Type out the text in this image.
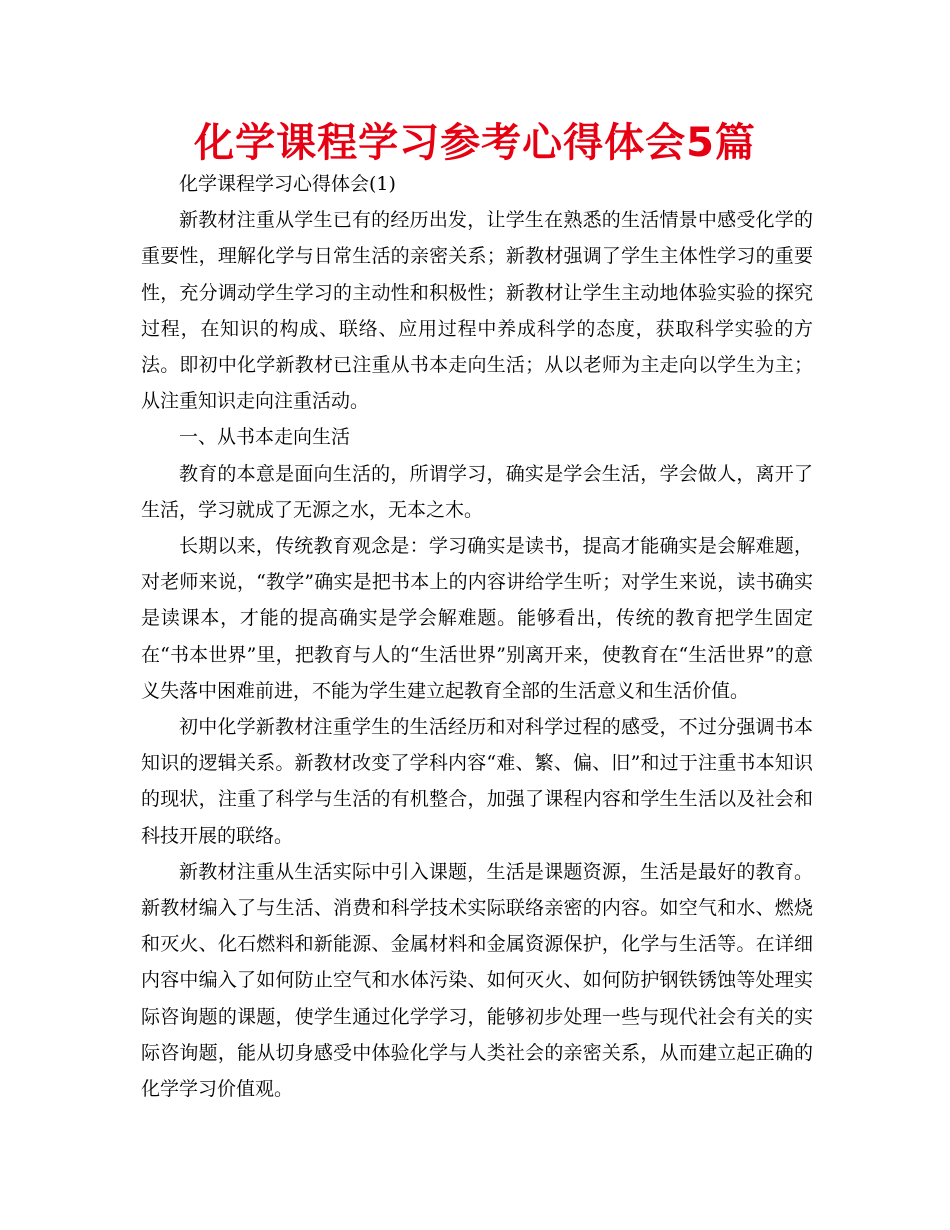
化学课程学习参考心得体会5篇

化学课程学习心得体会(1)

新教材注重从学生已有的经历出发，让学生在熟悉的生活情景中感受化学的重要性，理解化学与日常生活的亲密关系；新教材强调了学生主体性学习的重要性，充分调动学生学习的主动性和积极性；新教材让学生主动地体验实验的探究过程，在知识的构成、联络、应用过程中养成科学的态度，获取科学实验的方法。即初中化学新教材已注重从书本走向生活；从以老师为主走向以学生为主；从注重知识走向注重活动。

一、从书本走向生活

教育的本意是面向生活的，所谓学习，确实是学会生活，学会做人，离开了生活，学习就成了无源之水，无本之木。

长期以来，传统教育观念是：学习确实是读书，提高才能确实是会解难题，对老师来说，“教学”确实是把书本上的内容讲给学生听；对学生来说，读书确实是读课本，才能的提高确实是学会解难题。能够看出，传统的教育把学生固定在“书本世界”里，把教育与人的“生活世界”别离开来，使教育在“生活世界”的意义失落中困难前进，不能为学生建立起教育全部的生活意义和生活价值。

初中化学新教材注重学生的生活经历和对科学过程的感受，不过分强调书本知识的逻辑关系。新教材改变了学科内容“难、繁、偏、旧”和过于注重书本知识的现状，注重了科学与生活的有机整合，加强了课程内容和学生生活以及社会和科技开展的联络。

新教材注重从生活实际中引入课题，生活是课题资源，生活是最好的教育。新教材编入了与生活、消费和科学技术实际联络亲密的内容。如空气和水、燃烧和灭火、化石燃料和新能源、金属材料和金属资源保护，化学与生活等。在详细内容中编入了如何防止空气和水体污染、如何灭火、如何防护钢铁锈蚀等处理实际咨询题的课题，使学生通过化学学习，能够初步处理一些与现代社会有关的实际咨询题，能从切身感受中体验化学与人类社会的亲密关系，从而建立起正确的化学学习价值观。
